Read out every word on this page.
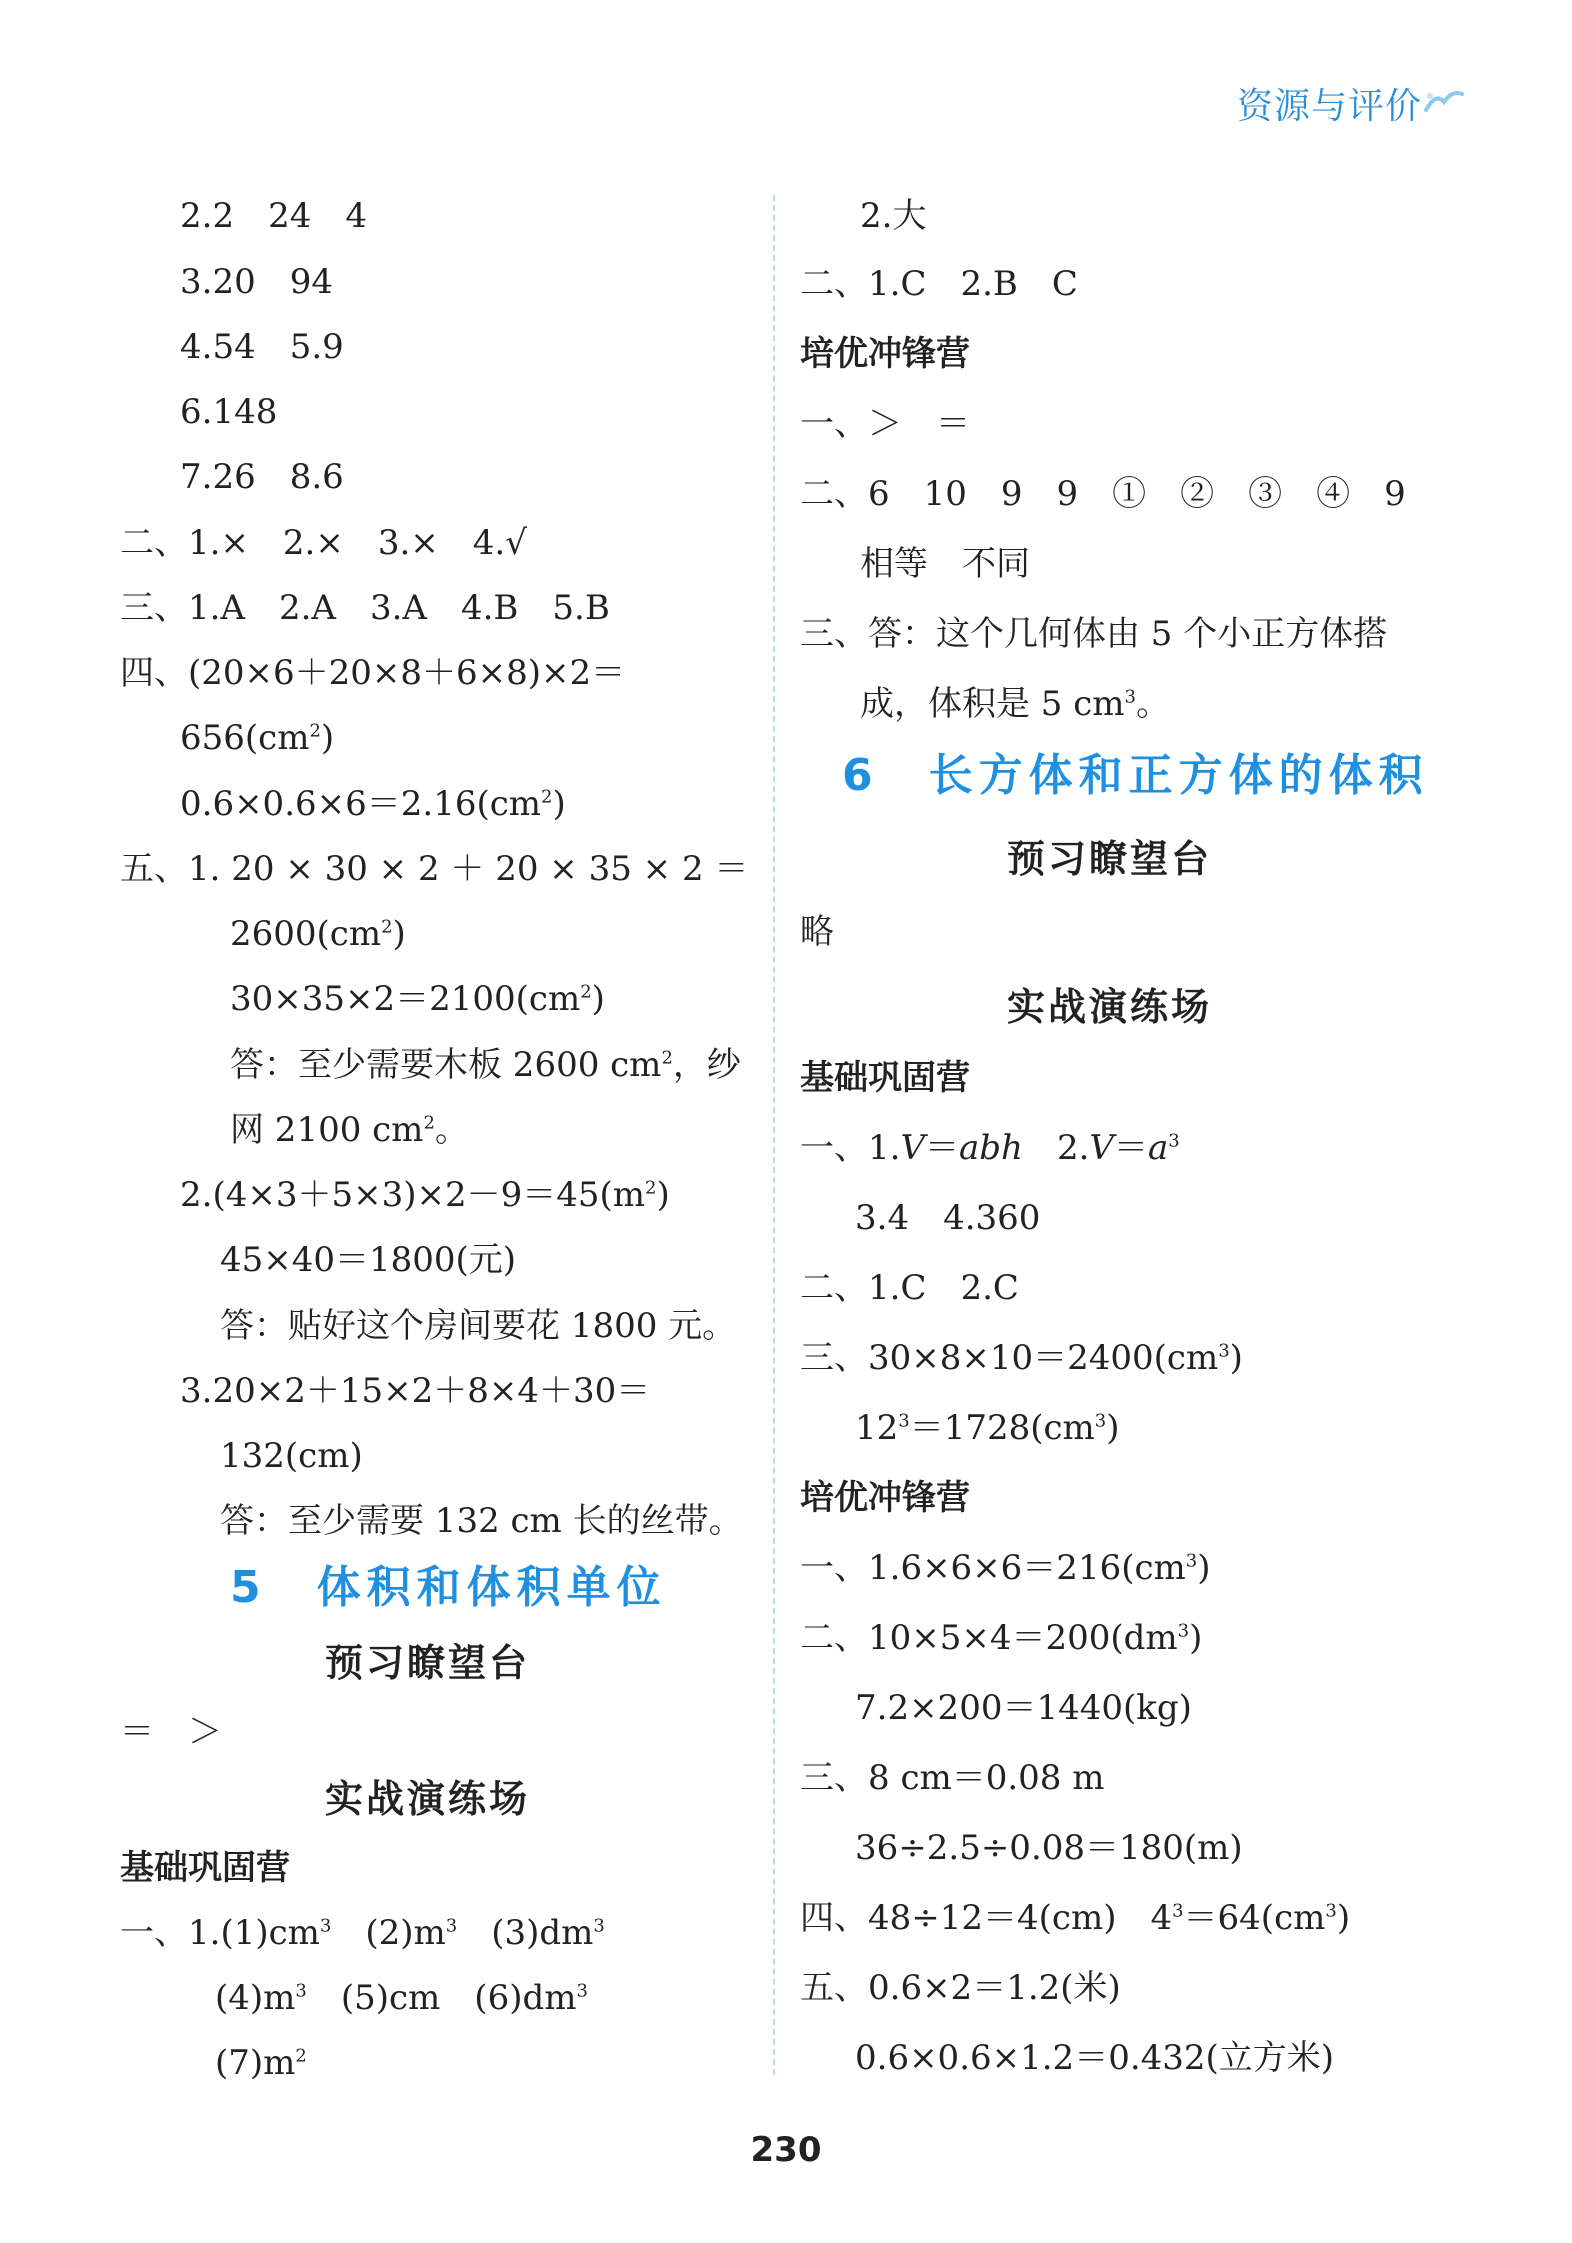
资源与评价
2.2　24　4
3.20　94
4.54　5.9
6.148
7.26　8.6
二、1.×　2.×　3.×　4.√
三、1.A　2.A　3.A　4.B　5.B
四、(20×6＋20×8＋6×8)×2＝
$656(cm^2)$
$0.6\times 0.6\times 6=2.16(cm^2)$
五、1. 20 × 30 × 2 ＋ 20 × 35 × 2 ＝
$2600(cm^2)$
$30\times 35\times 2=2100(cm^2)$
答：至少需要木板 2600 $cm^2$，纱
网 2100 $cm^2$。
$2.(4\times 3+5\times 3)\times 2-9=45(m^2)$
45×40＝1800(元)
答：贴好这个房间要花 1800 元。
3.20×2＋15×2＋8×4＋30＝
132(cm)
答：至少需要 132 cm 长的丝带。
5　体积和体积单位
预习瞭望台
＝　＞
实战演练场
基础巩固营
一、$1.(1)cm^3$　$(2)m^3$　$(3)dm^3$
$(4)m^3$　(5)cm　$(6)dm^3$
$(7)m^2$
2.大
二、1.C　2.B　C
培优冲锋营
一、＞　＝
二、6　10　9　9　①　②　③　④　9
相等　不同
三、答：这个几何体由 5 个小正方体搭
成，体积是 5 $cm^3$。
6　长方体和正方体的体积
预习瞭望台
略
实战演练场
基础巩固营
一、1.V＝abh　$2.V=a^3$
3.4　4.360
二、1.C　2.C
三、$30\times 8\times 10=2400(cm^3)$
$12^3=1728(cm^3)$
培优冲锋营
一、$1.6\times 6\times 6=216(cm^3)$
二、$10\times 5\times 4=200(dm^3)$
7.2×200＝1440(kg)
三、8 cm＝0.08 m
36÷2.5÷0.08＝180(m)
四、48÷12＝4(cm)　$4^3=64(cm^3)$
五、0.6×2＝1.2(米)
0.6×0.6×1.2＝0.432(立方米)
230
